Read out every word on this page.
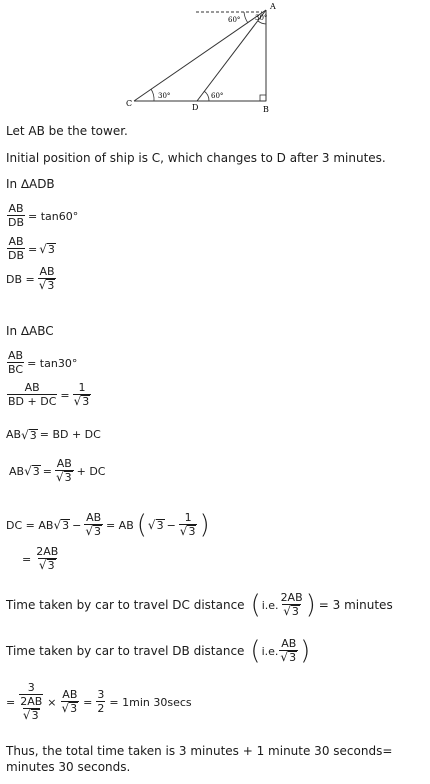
A
B
C	D
60° 30°
30°	60°
Let AB be the tower.
Initial position of ship is C, which changes to D after 3 minutes.
In ∆ADB
$\frac{AB}{DB} = \tan 60^\circ$
$\frac{AB}{DB}$ = √ 3
DB = $\frac{AB}{√ 3}$
In ∆ABC
$\frac{AB}{BC} = \tan 30^\circ$
$\frac{AB}{BD + DC} = \frac{1}{√ 3}$
AB √ 3 = BD + DC
AB √ $3 = \frac{AB}{√ 3}$ + DC
DC = AB √ $3 - \frac{AB}{√ 3}$ = AB ( √ $3 - \frac{1}{√ 3}$ )
= $\frac{2AB}{√ 3}$
Time taken by car to travel DC distance ( i.e. $\frac{2AB}{√ 3}$ ) = 3 minutes
Time taken by car to travel DB distance ( i.e. $\frac{AB}{√ 3}$ )
= 3
2AB
√ $3 \times \frac{AB}{√ 3} = \frac{3}{2} = 1\min$ 30secs
Thus, the total time taken is 3 minutes + 1 minute 30 seconds=
minutes 30 seconds.
